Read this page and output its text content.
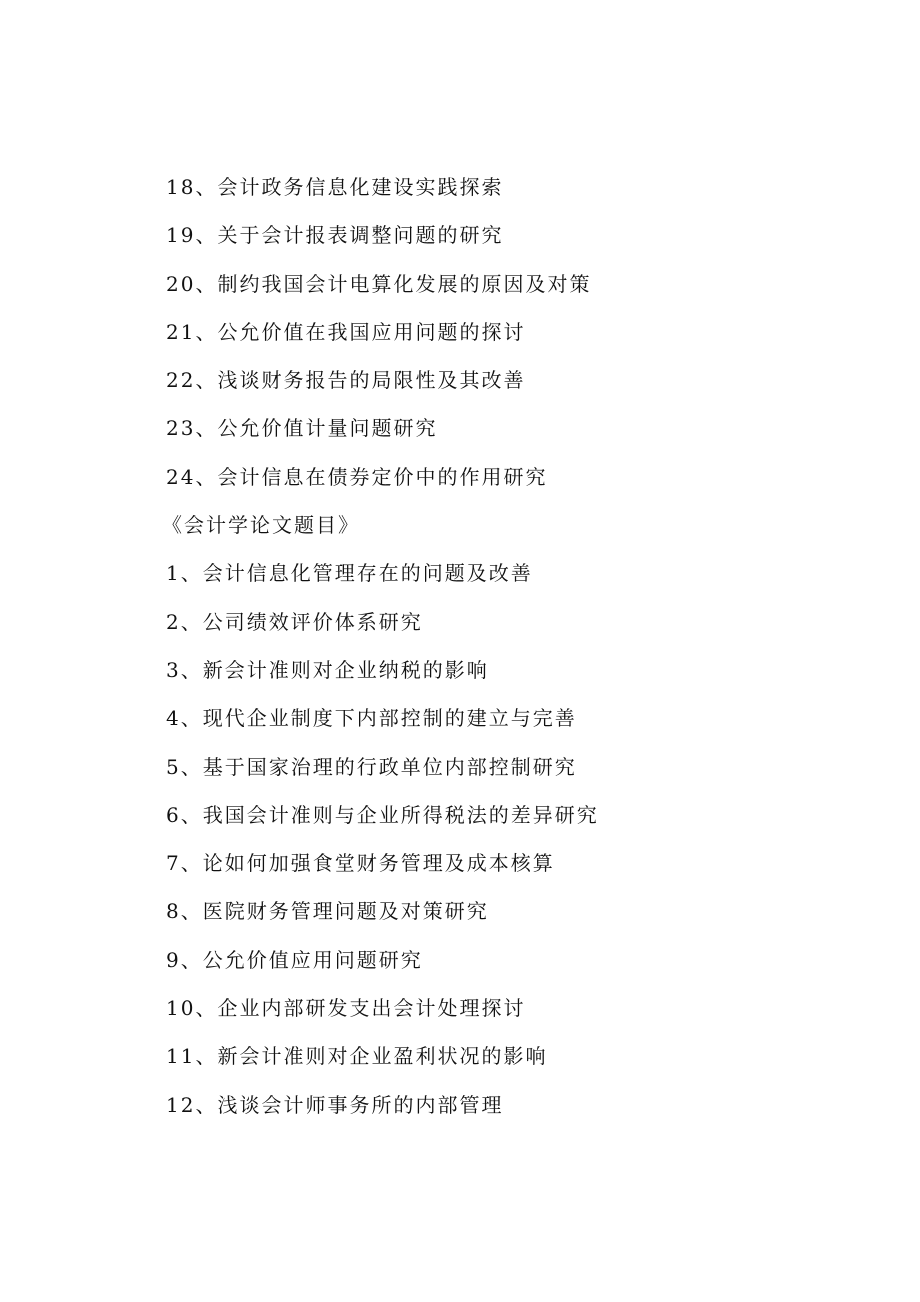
18、会计政务信息化建设实践探索
19、关于会计报表调整问题的研究
20、制约我国会计电算化发展的原因及对策
21、公允价值在我国应用问题的探讨
22、浅谈财务报告的局限性及其改善
23、公允价值计量问题研究
24、会计信息在债券定价中的作用研究
《会计学论文题目》
1、会计信息化管理存在的问题及改善
2、公司绩效评价体系研究
3、新会计准则对企业纳税的影响
4、现代企业制度下内部控制的建立与完善
5、基于国家治理的行政单位内部控制研究
6、我国会计准则与企业所得税法的差异研究
7、论如何加强食堂财务管理及成本核算
8、医院财务管理问题及对策研究
9、公允价值应用问题研究
10、企业内部研发支出会计处理探讨
11、新会计准则对企业盈利状况的影响
12、浅谈会计师事务所的内部管理
